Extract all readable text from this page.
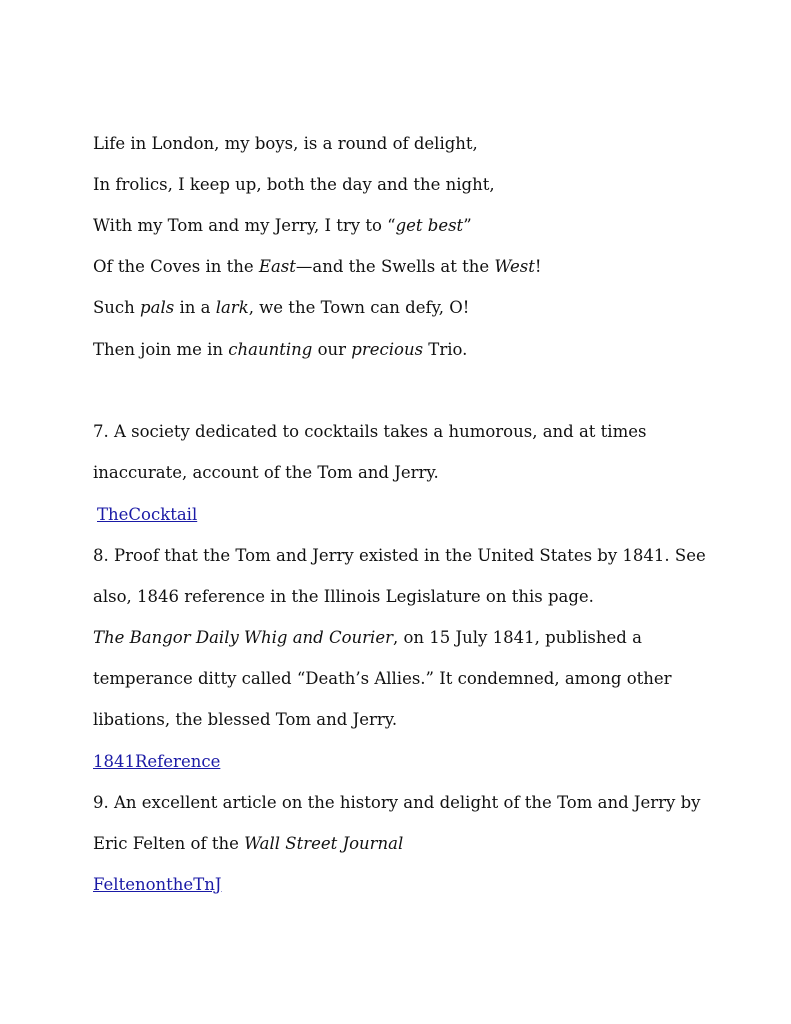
Life in London, my boys, is a round of delight,
In frolics, I keep up, both the day and the night,
With my Tom and my Jerry, I try to “get best”
Of the Coves in the East—and the Swells at the West!
Such pals in a lark, we the Town can defy, O!
Then join me in chaunting our precious Trio.
7. A society dedicated to cocktails takes a humorous, and at times
inaccurate, account of the Tom and Jerry.
TheCocktail
8. Proof that the Tom and Jerry existed in the United States by 1841. See
also, 1846 reference in the Illinois Legislature on this page.
The Bangor Daily Whig and Courier, on 15 July 1841, published a
temperance ditty called “Death’s Allies.” It condemned, among other
libations, the blessed Tom and Jerry.
1841Reference
9. An excellent article on the history and delight of the Tom and Jerry by
Eric Felten of the Wall Street Journal
FeltenontheTnJ
